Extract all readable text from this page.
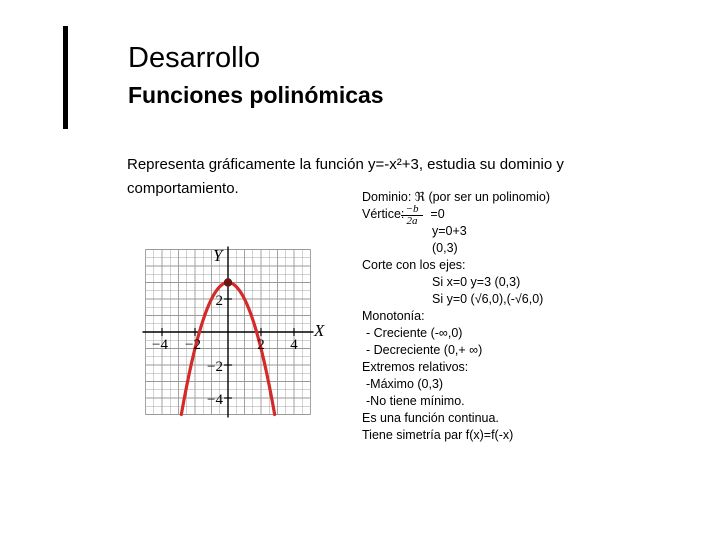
Desarrollo
Funciones polinómicas

Representa gráficamente la función y=-x²+3, estudia su dominio y comportamiento.

−4 −2	2 4
2
−2
−4
X
Y
Dominio: ℜ (por ser un polinomio)
Vértice: =0
y=0+3
(0,3)
Corte con los ejes:
Si x=0 y=3 (0,3)
Si y=0 (√6,0),(-√6,0)
Monotonía:
- Creciente (-∞,0)
- Decreciente (0,+ ∞)
Extremos relativos:
-Máximo (0,3)
-No tiene mínimo.
Es una función continua.
Tiene simetría par f(x)=f(-x)
$\frac{-b}{2a}$
